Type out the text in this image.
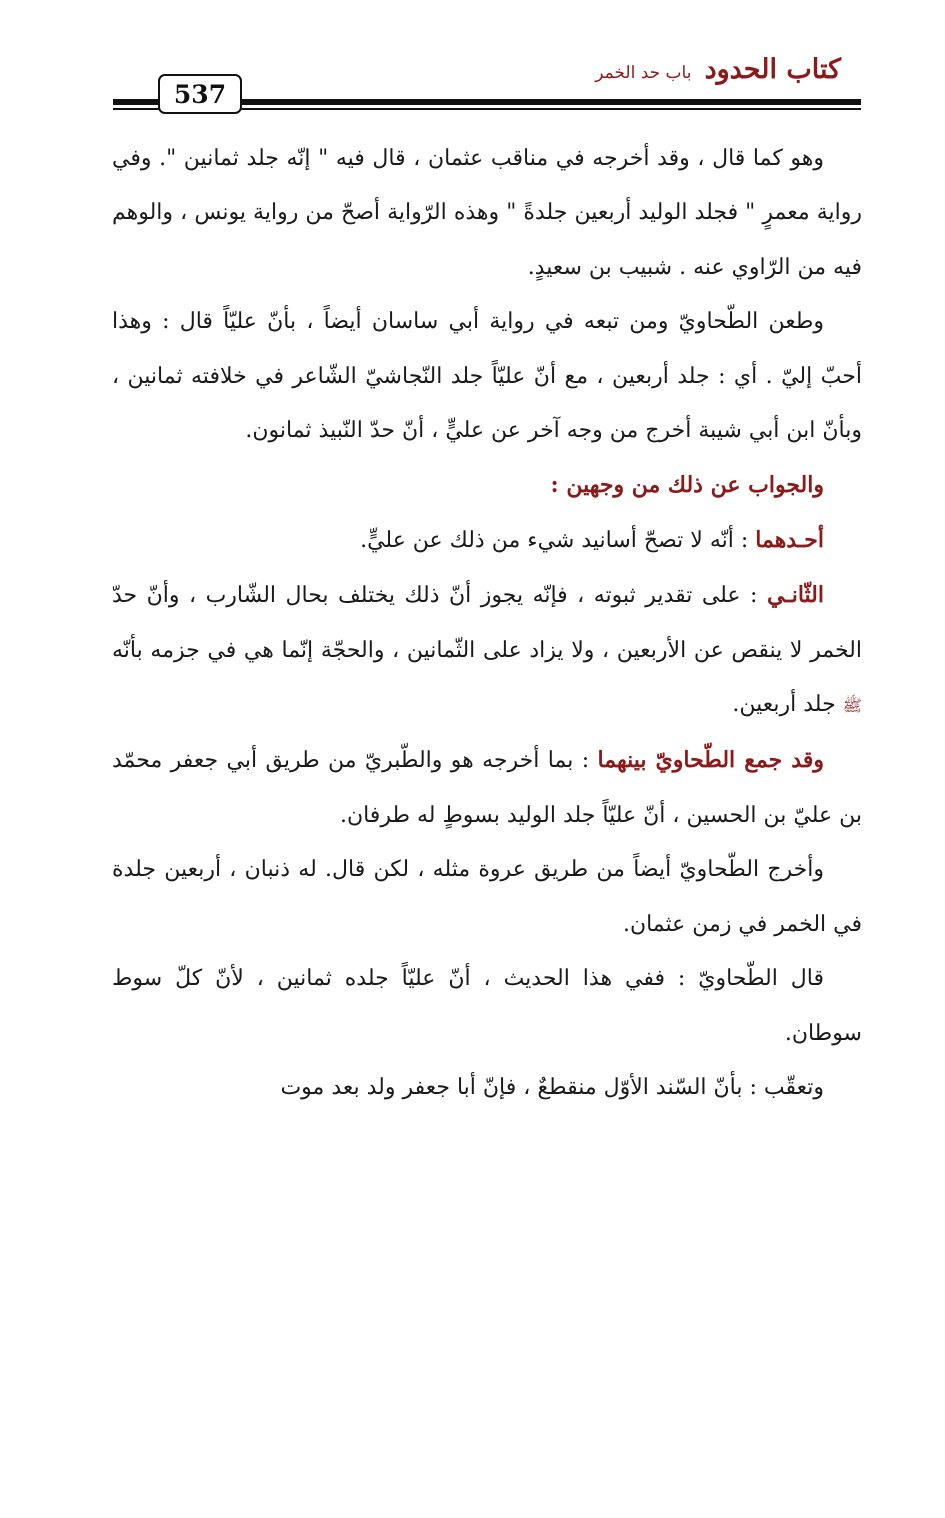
كتاب الحدود باب حد الخمر
537

وهو كما قال ، وقد أخرجه في مناقب عثمان ، قال فيه " إنّه جلد ثمانين ". وفي رواية معمرٍ " فجلد الوليد أربعين جلدةً " وهذه الرّواية أصحّ من رواية يونس ، والوهم فيه من الرّاوي عنه . شبيب بن سعيدٍ.

وطعن الطّحاويّ ومن تبعه في رواية أبي ساسان أيضاً ، بأنّ عليّاً قال : وهذا أحبّ إليّ . أي : جلد أربعين ، مع أنّ عليّاً جلد النّجاشيّ الشّاعر في خلافته ثمانين ، وبأنّ ابن أبي شيبة أخرج من وجه آخر عن عليٍّ ، أنّ حدّ النّبيذ ثمانون.

والجواب عن ذلك من وجهين :

أحـدهما : أنّه لا تصحّ أسانيد شيء من ذلك عن عليٍّ.

الثّانـي : على تقدير ثبوته ، فإنّه يجوز أنّ ذلك يختلف بحال الشّارب ، وأنّ حدّ الخمر لا ينقص عن الأربعين ، ولا يزاد على الثّمانين ، والحجّة إنّما هي في جزمه بأنّه ﷺ جلد أربعين.

وقد جمع الطّحاويّ بينهما : بما أخرجه هو والطّبريّ من طريق أبي جعفر محمّد بن عليّ بن الحسين ، أنّ عليّاً جلد الوليد بسوطٍ له طرفان.

وأخرج الطّحاويّ أيضاً من طريق عروة مثله ، لكن قال. له ذنبان ، أربعين جلدة في الخمر في زمن عثمان.

قال الطّحاويّ : ففي هذا الحديث ، أنّ عليّاً جلده ثمانين ، لأنّ كلّ سوط سوطان.

وتعقّب : بأنّ السّند الأوّل منقطعٌ ، فإنّ أبا جعفر ولد بعد موت
